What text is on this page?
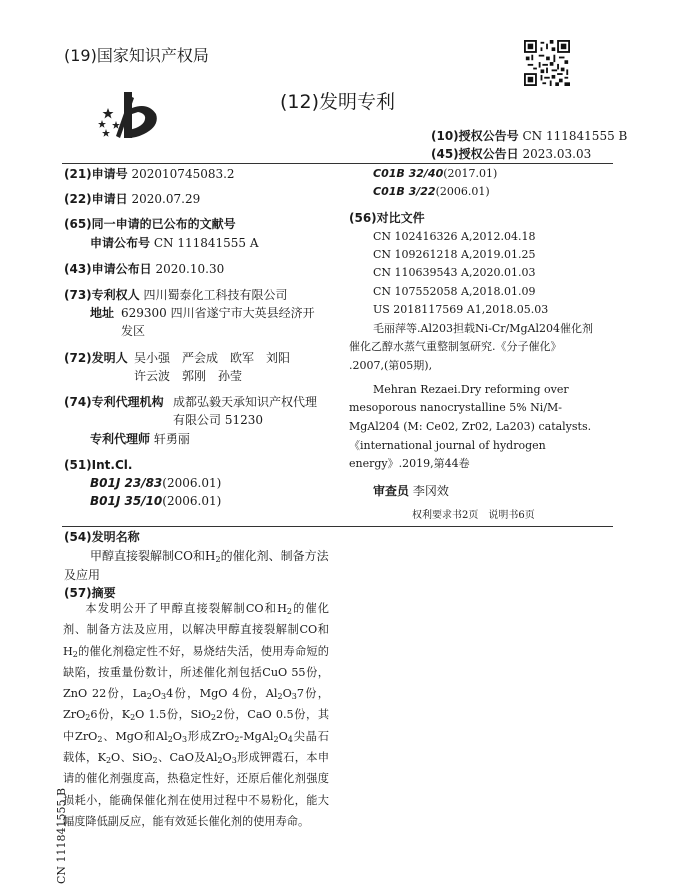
(19)国家知识产权局
(12)发明专利
(10)授权公告号 CN 111841555 B
(45)授权公告日 2023.03.03
(21)申请号 202010745083.2
(22)申请日 2020.07.29
(65)同一申请的已公布的文献号
申请公布号 CN 111841555 A
(43)申请公布日 2020.10.30
(73)专利权人 四川蜀泰化工科技有限公司
地址 629300 四川省遂宁市大英县经济开
发区
(72)发明人 吴小强　严会成　欧军　刘阳
许云波　郭刚　孙莹
(74)专利代理机构 成都弘毅天承知识产权代理
有限公司 51230
专利代理师 轩勇丽
(51)Int.Cl.
B01J 23/83(2006.01)
B01J 35/10(2006.01)
C01B 32/40(2017.01)
C01B 3/22(2006.01)
(56)对比文件
CN 102416326 A,2012.04.18
CN 109261218 A,2019.01.25
CN 110639543 A,2020.01.03
CN 107552058 A,2018.01.09
US 2018117569 A1,2018.05.03
毛丽萍等.Al203担载Ni-Cr/MgAl204催化剂
催化乙醇水蒸气重整制氢研究.《分子催化》
.2007,(第05期),
Mehran Rezaei.Dry reforming over
mesoporous nanocrystalline 5% Ni/M-
MgAl204 (M: Ce02, Zr02, La203) catalysts.
《international journal of hydrogen
energy》.2019,第44卷
审查员 李冈效
权利要求书2页　说明书6页
(54)发明名称
甲醇直接裂解制CO和$H_2$的催化剂、制备方法
及应用
(57)摘要
本发明公开了甲醇直接裂解制CO和$H_2$的催化剂、制备方法及应用，以解决甲醇直接裂解制CO和$H_2$的催化剂稳定性不好，易烧结失活，使用寿命短的缺陷，按重量份数计，所述催化剂包括CuO 55份，ZnO 22份，$La_2O_34$份，MgO 4份，$Al_2O_37$份，ZrO$_2$6份，$K_2O$ 1.5份，SiO$_2$2份，CaO 0.5份，其中ZrO$_2$、MgO和$Al_2O_3$形成$ZrO_2-MgAl_2O_4$尖晶石载体，$K_2O$、SiO$_2$、CaO及$Al_2O_3$形成钾霞石，本申请的催化剂强度高，热稳定性好，还原后催化剂强度损耗小，能确保催化剂在使用过程中不易粉化，能大幅度降低副反应，能有效延长催化剂的使用寿命。
CN 111841555 B
